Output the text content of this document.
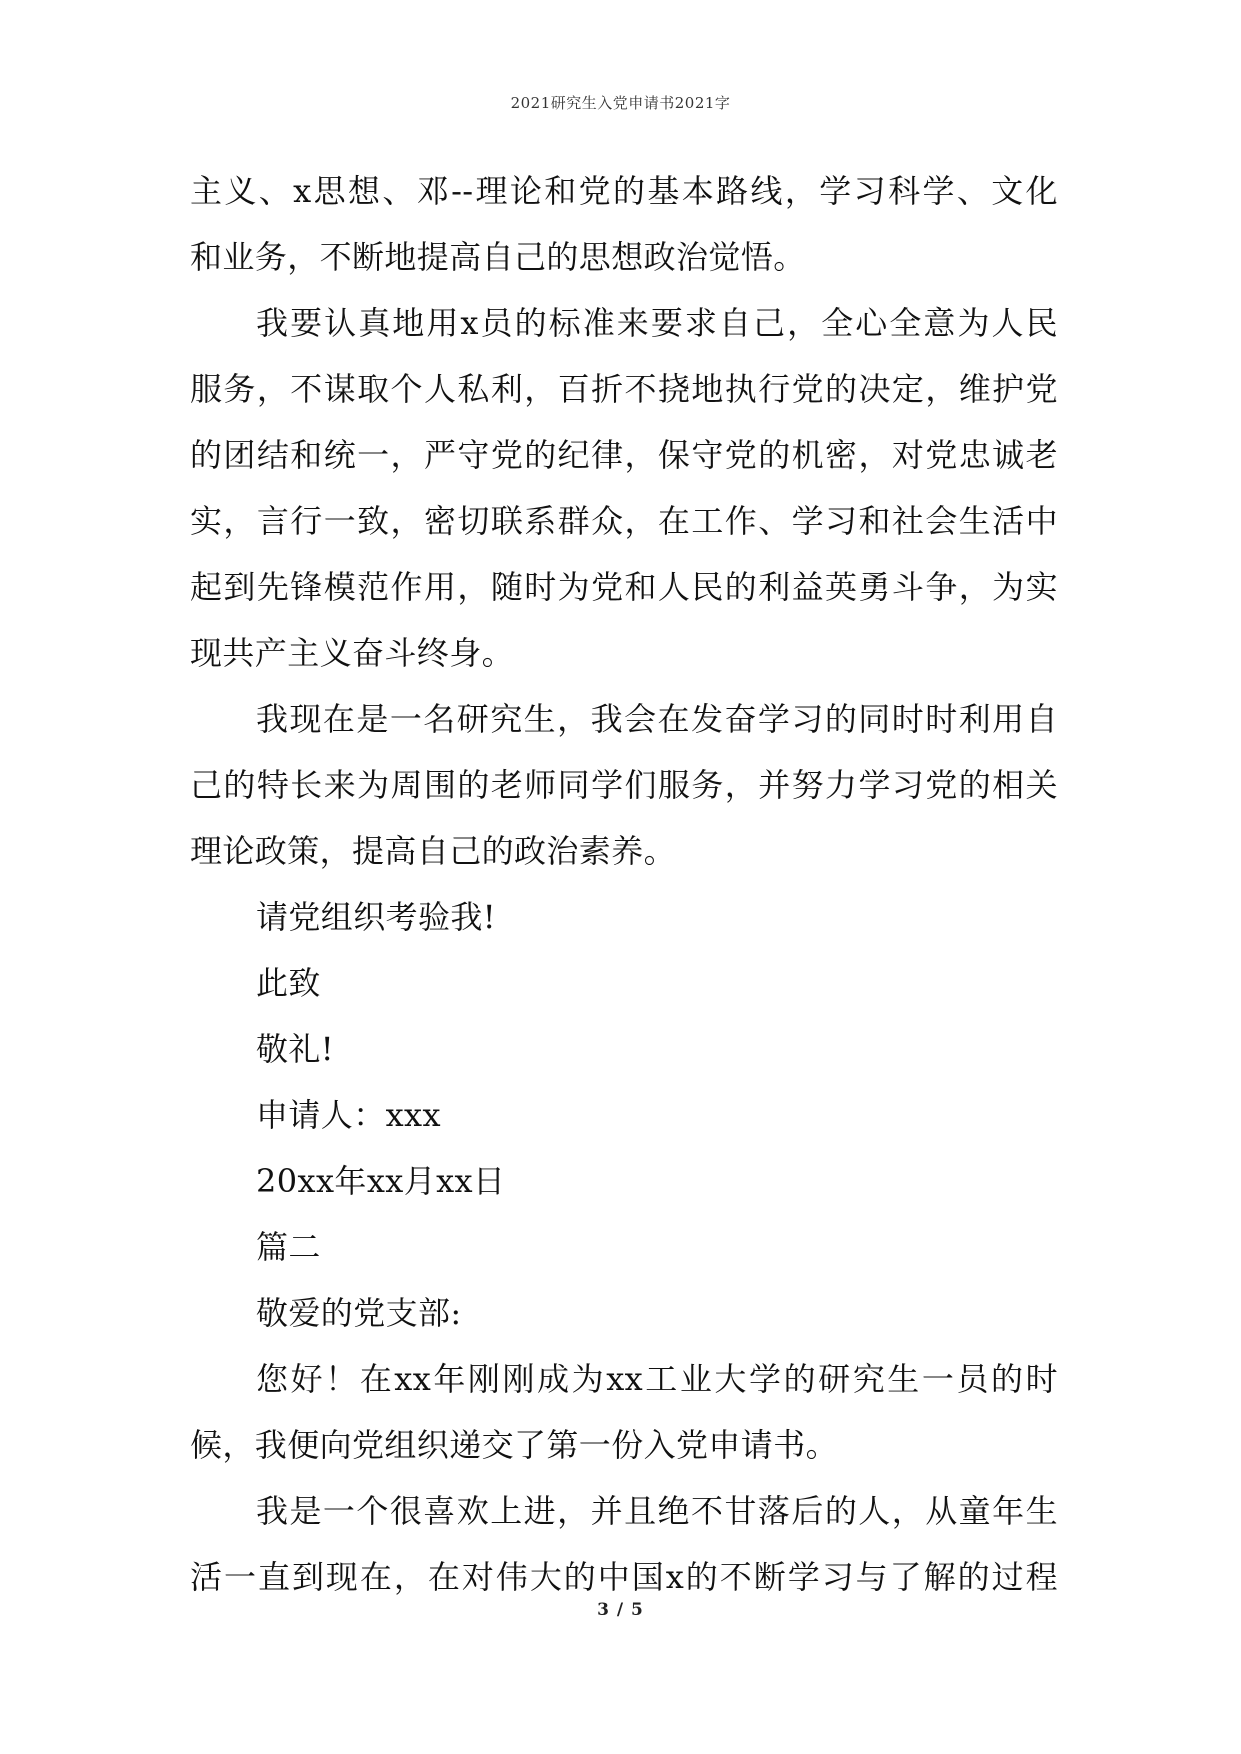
2021研究生入党申请书2021字
主义、x思想、邓--理论和党的基本路线，学习科学、文化
和业务，不断地提高自己的思想政治觉悟。
我要认真地用x员的标准来要求自己，全心全意为人民
服务，不谋取个人私利，百折不挠地执行党的决定，维护党
的团结和统一，严守党的纪律，保守党的机密，对党忠诚老
实，言行一致，密切联系群众，在工作、学习和社会生活中
起到先锋模范作用，随时为党和人民的利益英勇斗争，为实
现共产主义奋斗终身。
我现在是一名研究生，我会在发奋学习的同时时利用自
己的特长来为周围的老师同学们服务，并努力学习党的相关
理论政策，提高自己的政治素养。
请党组织考验我!
此致
敬礼!
申请人：xxx
20xx年xx月xx日
篇二
敬爱的党支部:
您好！在xx年刚刚成为xx工业大学的研究生一员的时
候，我便向党组织递交了第一份入党申请书。
我是一个很喜欢上进，并且绝不甘落后的人，从童年生
活一直到现在，在对伟大的中国x的不断学习与了解的过程
3 / 5
